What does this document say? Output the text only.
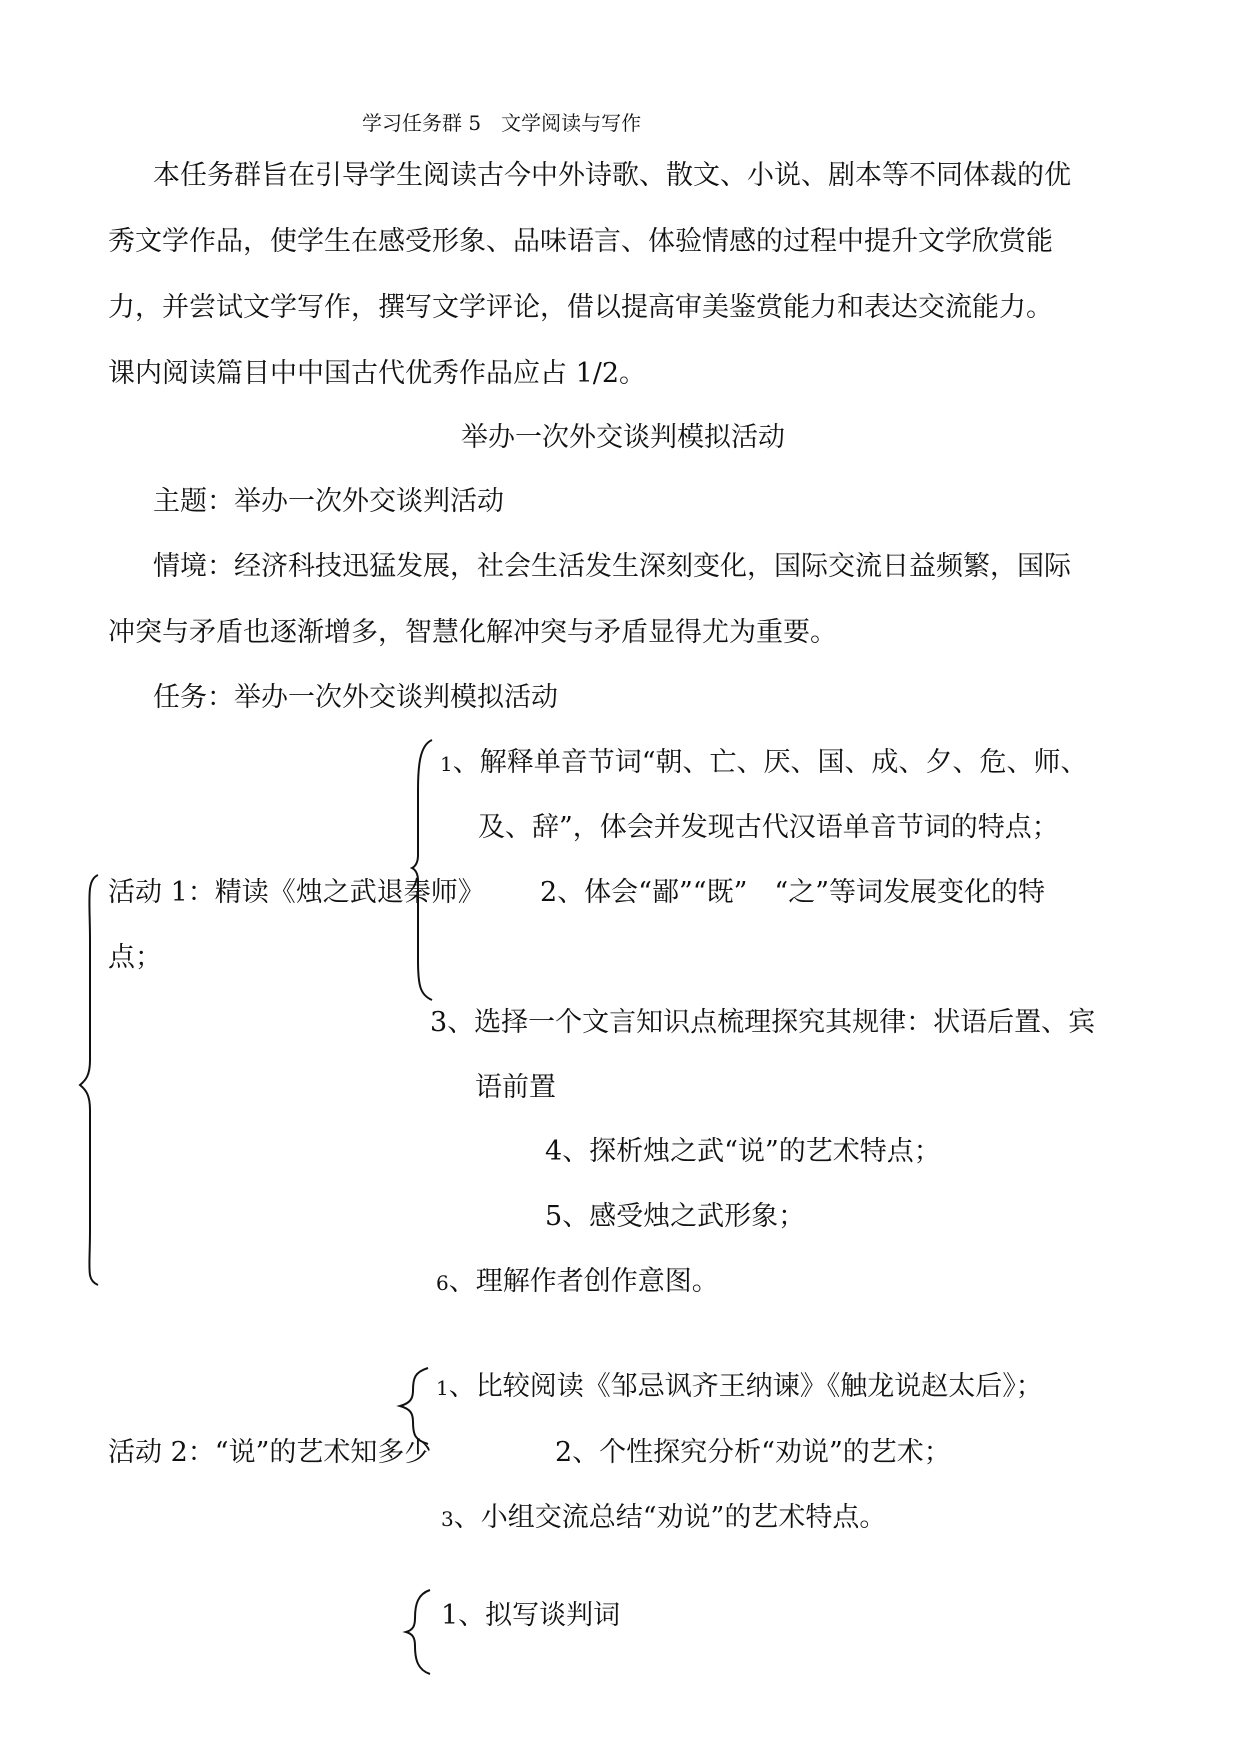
学习任务群 5　文学阅读与写作
本任务群旨在引导学生阅读古今中外诗歌、散文、小说、剧本等不同体裁的优
秀文学作品，使学生在感受形象、品味语言、体验情感的过程中提升文学欣赏能
力，并尝试文学写作，撰写文学评论，借以提高审美鉴赏能力和表达交流能力。
课内阅读篇目中中国古代优秀作品应占 1/2。
举办一次外交谈判模拟活动
主题：举办一次外交谈判活动
情境：经济科技迅猛发展，社会生活发生深刻变化，国际交流日益频繁，国际
冲突与矛盾也逐渐增多，智慧化解冲突与矛盾显得尤为重要。
任务：举办一次外交谈判模拟活动
1、解释单音节词“朝、亡、厌、国、成、夕、危、师、
及、辞”，体会并发现古代汉语单音节词的特点；
活动 1：精读《烛之武退秦师》 2、体会“鄙”“既”　“之”等词发展变化的特
点；
3、选择一个文言知识点梳理探究其规律：状语后置、宾
语前置
4、探析烛之武“说”的艺术特点；
5、感受烛之武形象；
6、理解作者创作意图。
1、比较阅读《邹忌讽齐王纳谏》《触龙说赵太后》；
活动 2：“说”的艺术知多少	2、个性探究分析“劝说”的艺术；
3、小组交流总结“劝说”的艺术特点。
1、拟写谈判词
